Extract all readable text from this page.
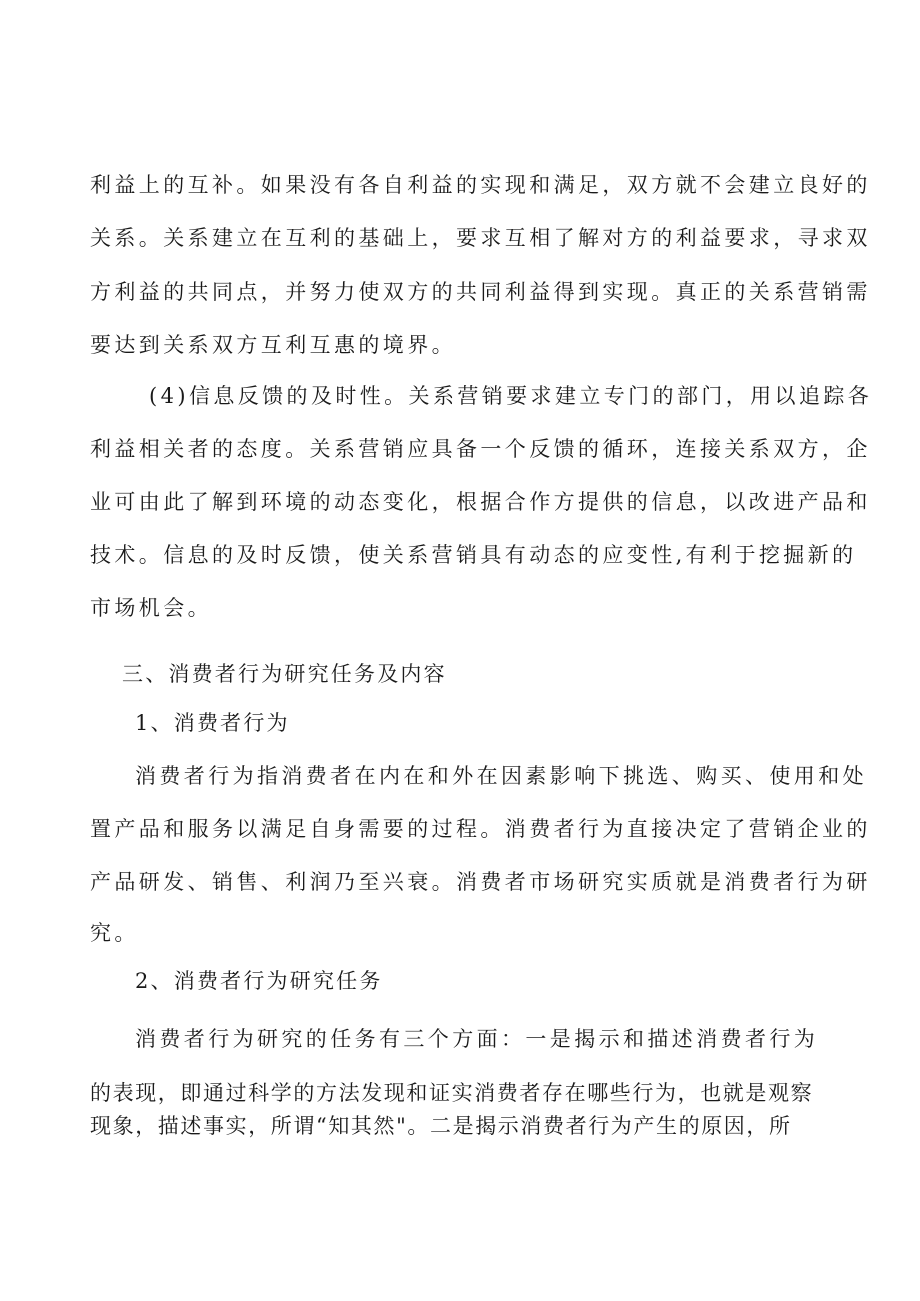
利益上的互补。如果没有各自利益的实现和满足，双方就不会建立良好的
关系。关系建立在互利的基础上，要求互相了解对方的利益要求，寻求双
方利益的共同点，并努力使双方的共同利益得到实现。真正的关系营销需
要达到关系双方互利互惠的境界。
(4)信息反馈的及时性。关系营销要求建立专门的部门，用以追踪各
利益相关者的态度。关系营销应具备一个反馈的循环，连接关系双方，企
业可由此了解到环境的动态变化，根据合作方提供的信息，以改进产品和
技术。信息的及时反馈，使关系营销具有动态的应变性,有利于挖掘新的
市场机会。
三、消费者行为研究任务及内容
1、消费者行为
消费者行为指消费者在内在和外在因素影响下挑选、购买、使用和处
置产品和服务以满足自身需要的过程。消费者行为直接决定了营销企业的
产品研发、销售、利润乃至兴衰。消费者市场研究实质就是消费者行为研
究。
2、消费者行为研究任务
消费者行为研究的任务有三个方面：一是揭示和描述消费者行为
的表现，即通过科学的方法发现和证实消费者存在哪些行为，也就是观察
现象，描述事实，所谓“知其然"。二是揭示消费者行为产生的原因，所
